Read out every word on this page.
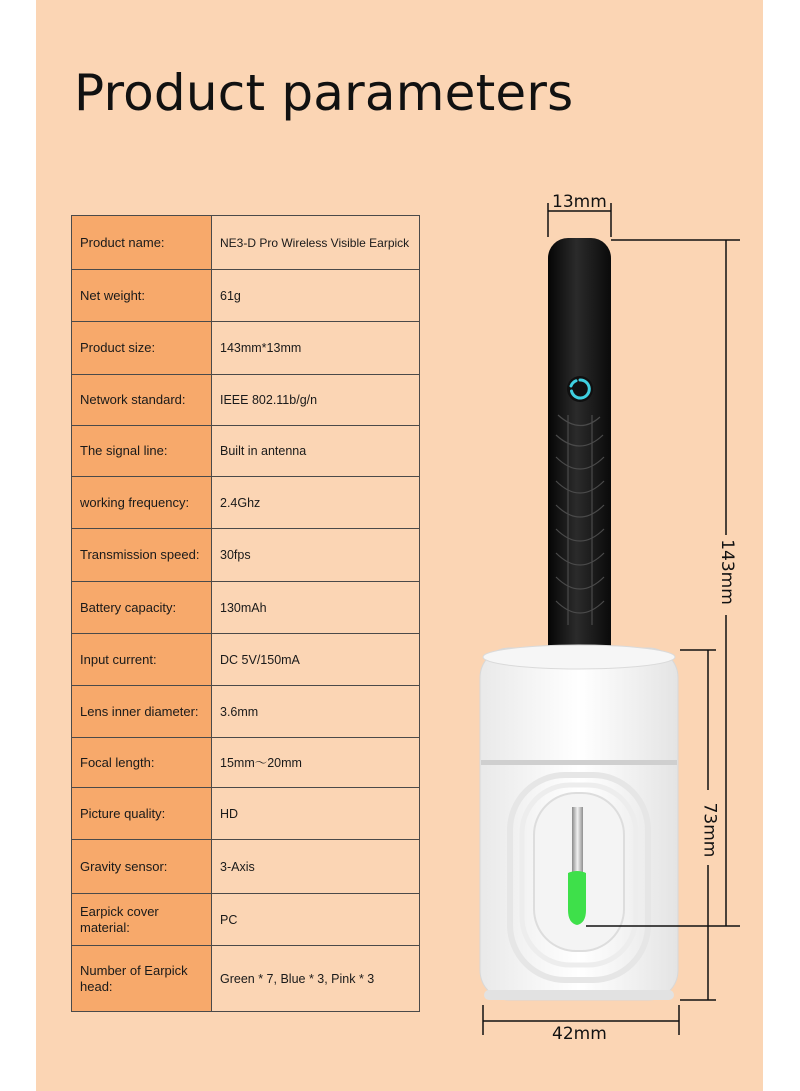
Product parameters
Product name:	NE3-D Pro Wireless Visible Earpick
Net weight:	61g
Product size:	143mm*13mm
Network standard:	IEEE 802.11b/g/n
The signal line:	Built in antenna
working frequency:	2.4Ghz
Transmission speed:	30fps
Battery capacity:	130mAh
Input current:	DC 5V/150mA
Lens inner diameter:	3.6mm
Focal length:	15mm～20mm
Picture quality:	HD
Gravity sensor:	3-Axis
Earpick cover material:	PC
Number of Earpick head:	Green * 7, Blue * 3, Pink * 3
13mm
143mm
73mm
42mm
